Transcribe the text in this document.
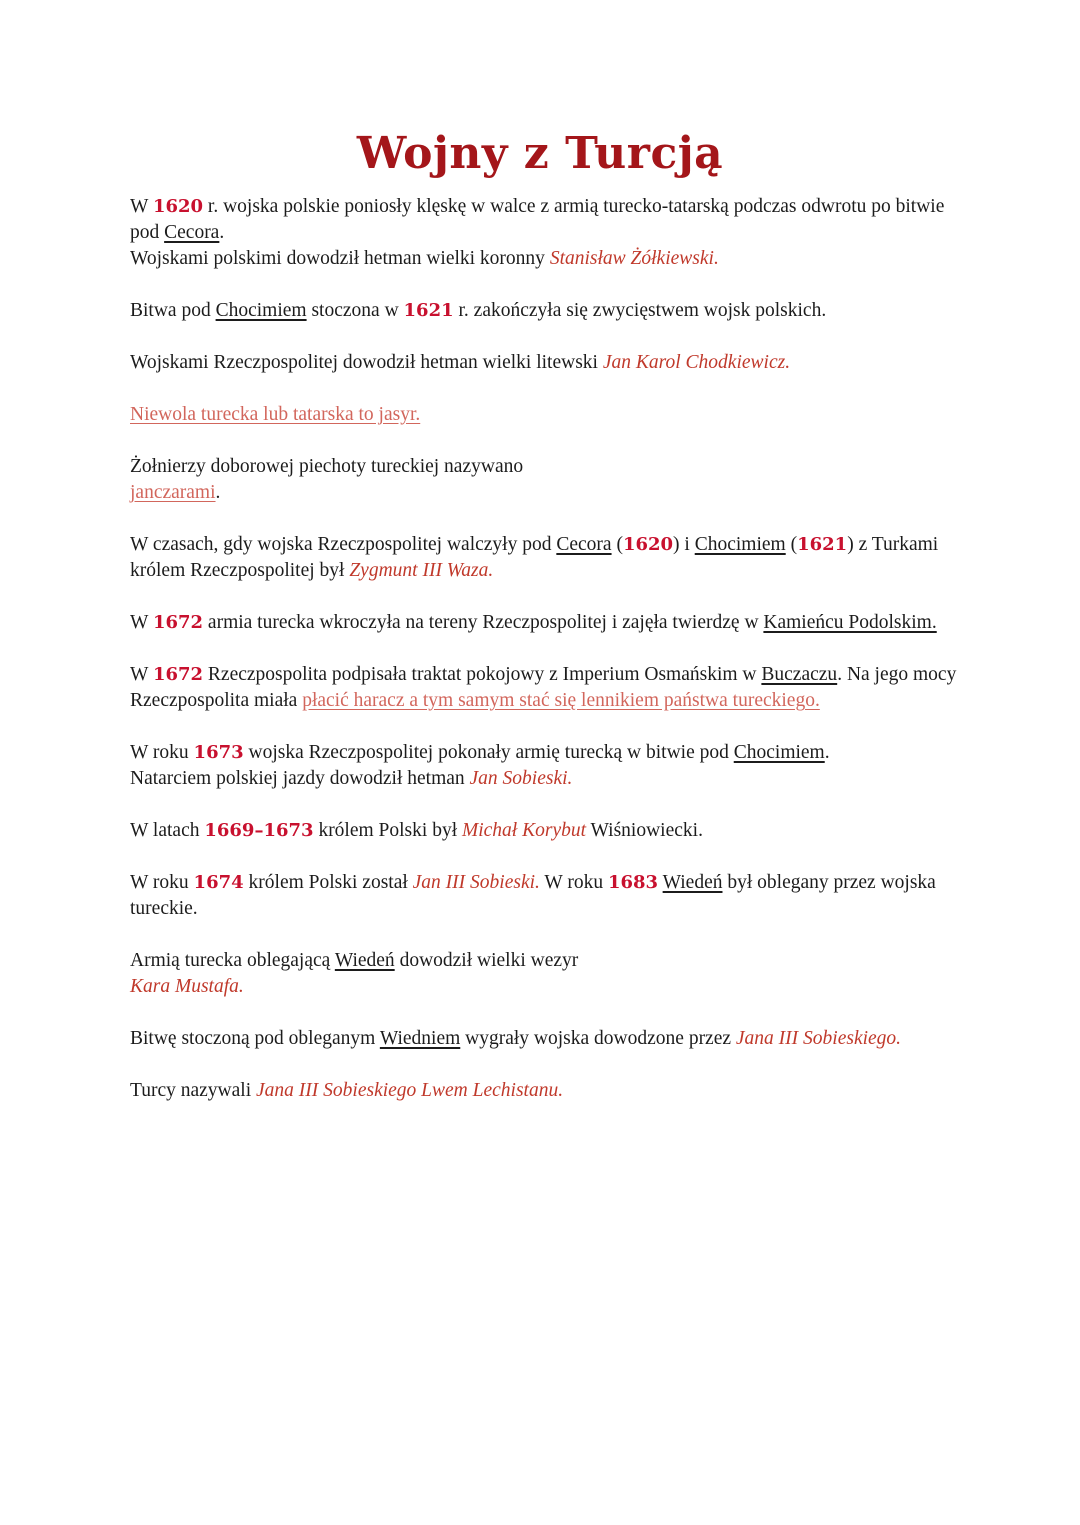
Wojny z Turcją

W 1620 r. wojska polskie poniosły klęskę w walce z armią turecko-tatarską podczas odwrotu po bitwie pod Cecora.
Wojskami polskimi dowodził hetman wielki koronny Stanisław Żółkiewski.

Bitwa pod Chocimiem stoczona w 1621 r. zakończyła się zwycięstwem wojsk polskich.

Wojskami Rzeczpospolitej dowodził hetman wielki litewski Jan Karol Chodkiewicz.

Niewola turecka lub tatarska to jasyr.

Żołnierzy doborowej piechoty tureckiej nazywano
janczarami.

W czasach, gdy wojska Rzeczpospolitej walczyły pod Cecora (1620) i Chocimiem (1621) z Turkami królem Rzeczpospolitej był Zygmunt III Waza.

W 1672 armia turecka wkroczyła na tereny Rzeczpospolitej i zajęła twierdzę w Kamieńcu Podolskim.

W 1672 Rzeczpospolita podpisała traktat pokojowy z Imperium Osmańskim w Buczaczu. Na jego mocy Rzeczpospolita miała płacić haracz a tym samym stać się lennikiem państwa tureckiego.

W roku 1673 wojska Rzeczpospolitej pokonały armię turecką w bitwie pod Chocimiem.
Natarciem polskiej jazdy dowodził hetman Jan Sobieski.

W latach 1669–1673 królem Polski był Michał Korybut Wiśniowiecki.

W roku 1674 królem Polski został Jan III Sobieski. W roku 1683 Wiedeń był oblegany przez wojska tureckie.

Armią turecka oblegającą Wiedeń dowodził wielki wezyr
Kara Mustafa.

Bitwę stoczoną pod obleganym Wiedniem wygrały wojska dowodzone przez Jana III Sobieskiego.

Turcy nazywali Jana III Sobieskiego Lwem Lechistanu.
